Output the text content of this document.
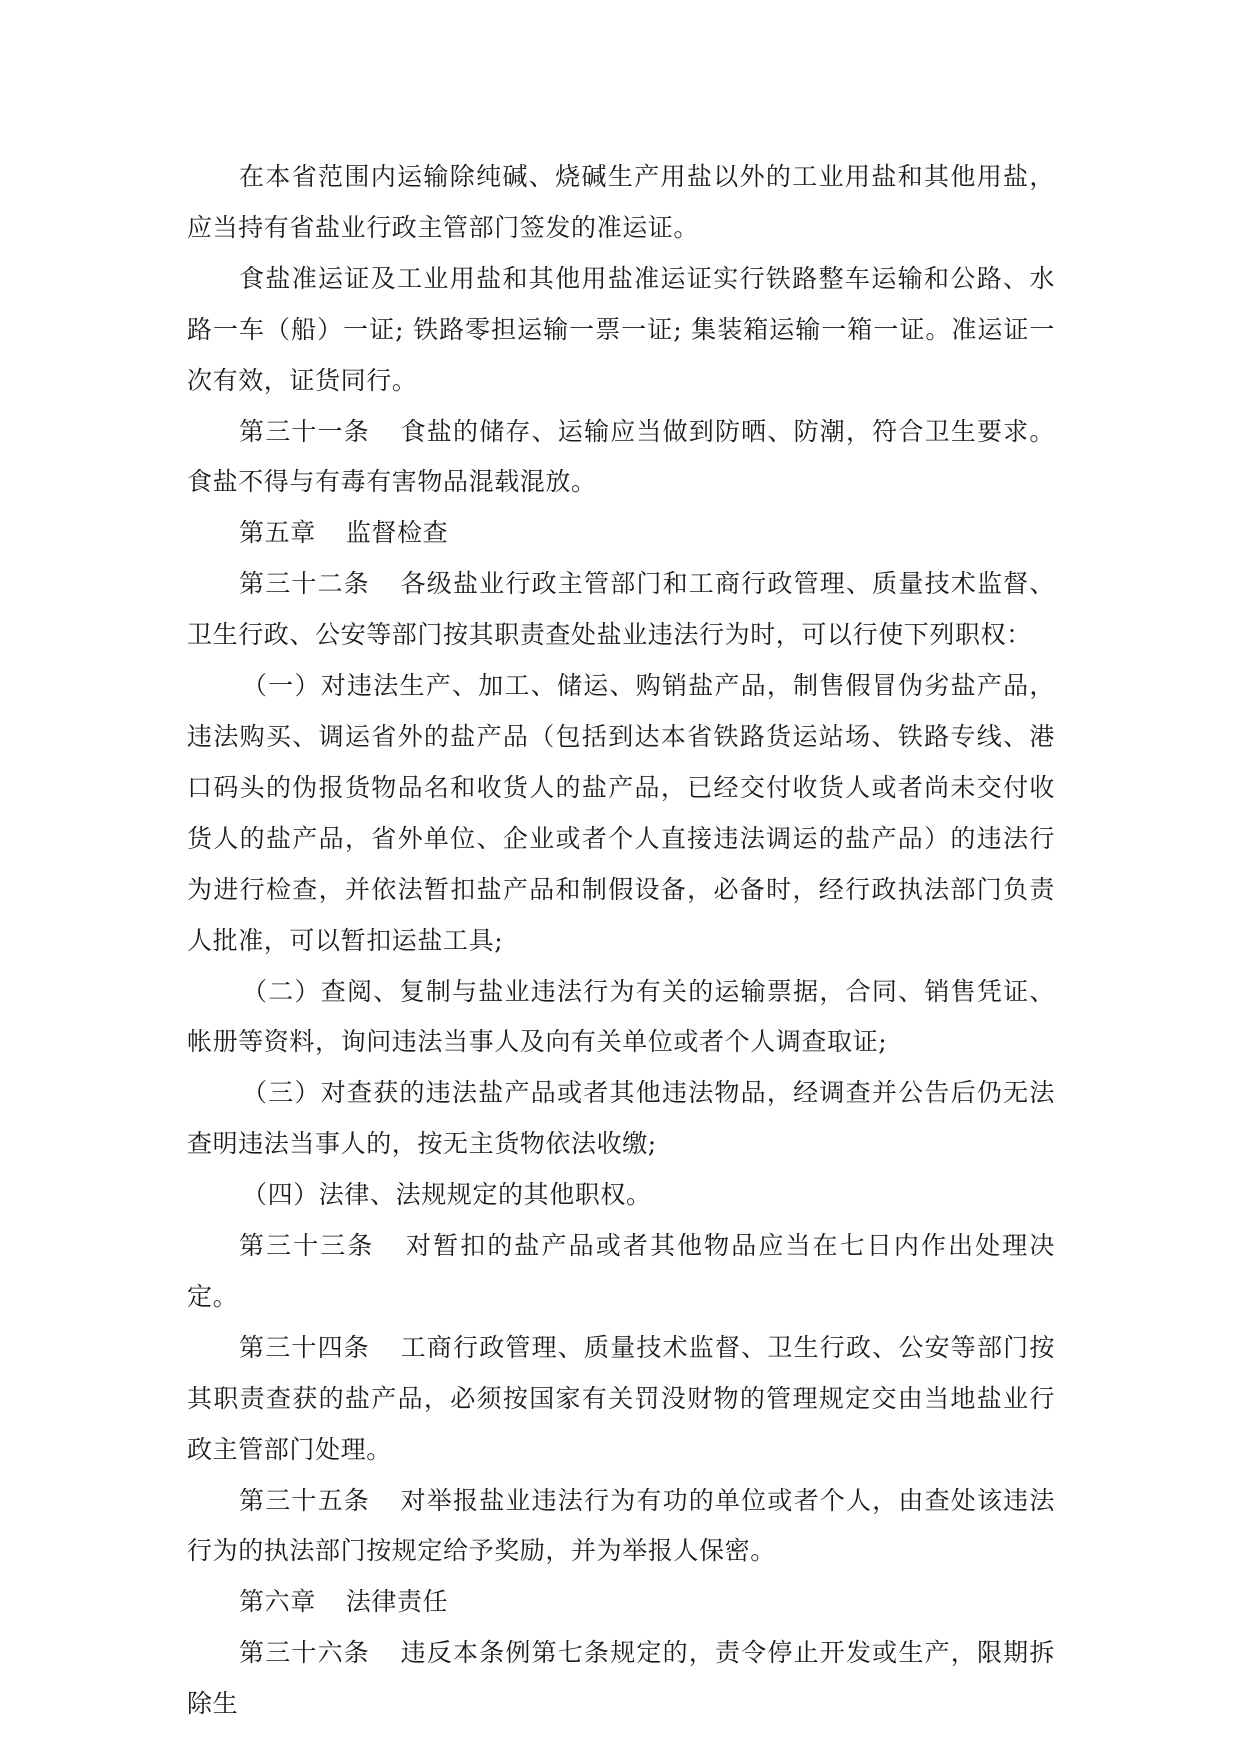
在本省范围内运输除纯碱、烧碱生产用盐以外的工业用盐和其他用盐，应当持有省盐业行政主管部门签发的准运证。

食盐准运证及工业用盐和其他用盐准运证实行铁路整车运输和公路、水路一车（船）一证; 铁路零担运输一票一证; 集装箱运输一箱一证。准运证一次有效，证货同行。

第三十一条 食盐的储存、运输应当做到防晒、防潮，符合卫生要求。食盐不得与有毒有害物品混载混放。

第五章 监督检查

第三十二条 各级盐业行政主管部门和工商行政管理、质量技术监督、卫生行政、公安等部门按其职责查处盐业违法行为时，可以行使下列职权：

（一）对违法生产、加工、储运、购销盐产品，制售假冒伪劣盐产品，违法购买、调运省外的盐产品（包括到达本省铁路货运站场、铁路专线、港口码头的伪报货物品名和收货人的盐产品，已经交付收货人或者尚未交付收货人的盐产品，省外单位、企业或者个人直接违法调运的盐产品）的违法行为进行检查，并依法暂扣盐产品和制假设备，必备时，经行政执法部门负责人批准，可以暂扣运盐工具;

（二）查阅、复制与盐业违法行为有关的运输票据，合同、销售凭证、帐册等资料，询问违法当事人及向有关单位或者个人调查取证;

（三）对查获的违法盐产品或者其他违法物品，经调查并公告后仍无法查明违法当事人的，按无主货物依法收缴;

（四）法律、法规规定的其他职权。

第三十三条 对暂扣的盐产品或者其他物品应当在七日内作出处理决定。

第三十四条 工商行政管理、质量技术监督、卫生行政、公安等部门按其职责查获的盐产品，必须按国家有关罚没财物的管理规定交由当地盐业行政主管部门处理。

第三十五条 对举报盐业违法行为有功的单位或者个人，由查处该违法行为的执法部门按规定给予奖励，并为举报人保密。

第六章 法律责任

第三十六条 违反本条例第七条规定的，责令停止开发或生产，限期拆除生
